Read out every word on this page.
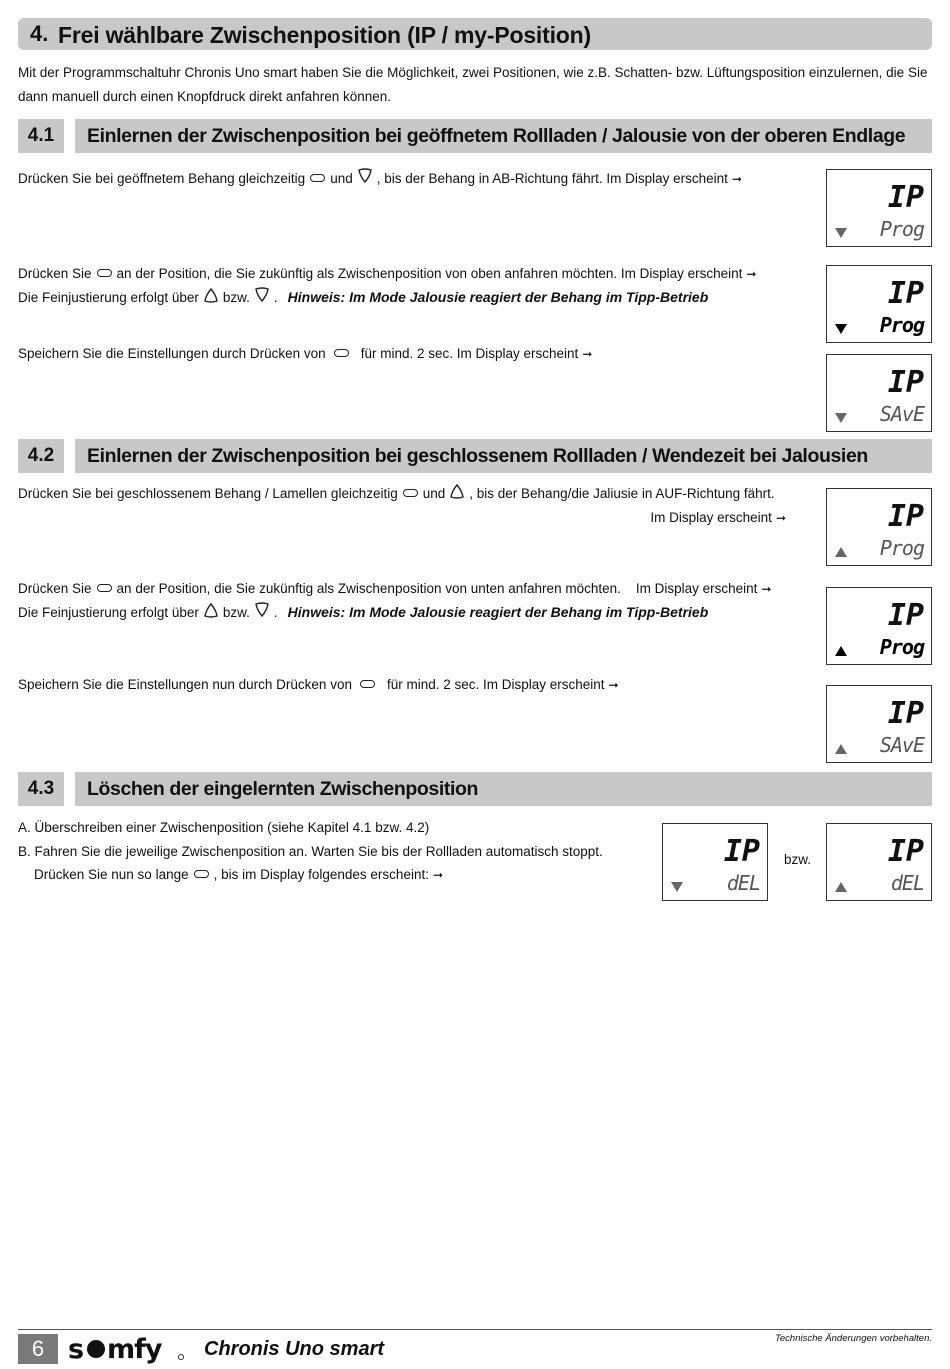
4. Frei wählbare Zwischenposition (IP / my-Position)
Mit der Programmschaltuhr Chronis Uno smart haben Sie die Möglichkeit, zwei Positionen, wie z.B. Schatten- bzw. Lüftungsposition einzulernen, die Sie dann manuell durch einen Knopfdruck direkt anfahren können.
4.1	Einlernen der Zwischenposition bei geöffnetem Rollladen / Jalousie von der oberen Endlage
Drücken Sie bei geöffnetem Behang gleichzeitig und , bis der Behang in AB-Richtung fährt. Im Display erscheint ➞
Drücken Sie an der Position, die Sie zukünftig als Zwischenposition von oben anfahren möchten. Im Display erscheint ➞
Die Feinjustierung erfolgt über bzw. . Hinweis: Im Mode Jalousie reagiert der Behang im Tipp-Betrieb
Speichern Sie die Einstellungen durch Drücken von	für mind. 2 sec. Im Display erscheint ➞
4.2	Einlernen der Zwischenposition bei geschlossenem Rollladen / Wendezeit bei Jalousien
Drücken Sie bei geschlossenem Behang / Lamellen gleichzeitig und , bis der Behang/die Jaliusie in AUF-Richtung fährt.
Im Display erscheint ➞
Drücken Sie an der Position, die Sie zukünftig als Zwischenposition von unten anfahren möchten.    Im Display erscheint ➞
Die Feinjustierung erfolgt über bzw. . Hinweis: Im Mode Jalousie reagiert der Behang im Tipp-Betrieb
Speichern Sie die Einstellungen nun durch Drücken von	für mind. 2 sec. Im Display erscheint ➞
4.3	Löschen der eingelernten Zwischenposition
A. Überschreiben einer Zwischenposition (siehe Kapitel 4.1 bzw. 4.2)
B. Fahren Sie die jeweilige Zwischenposition an. Warten Sie bis der Rollladen automatisch stoppt.
Drücken Sie nun so lange , bis im Display folgendes erscheint: ➞
bzw.
IP
Prog
IP
Prog
IP
SAvE
IP
Prog
IP
Prog
IP
SAvE
IP
dEL
IP
dEL
6 s mfy Chronis Uno smart	Technische Änderungen vorbehalten.
